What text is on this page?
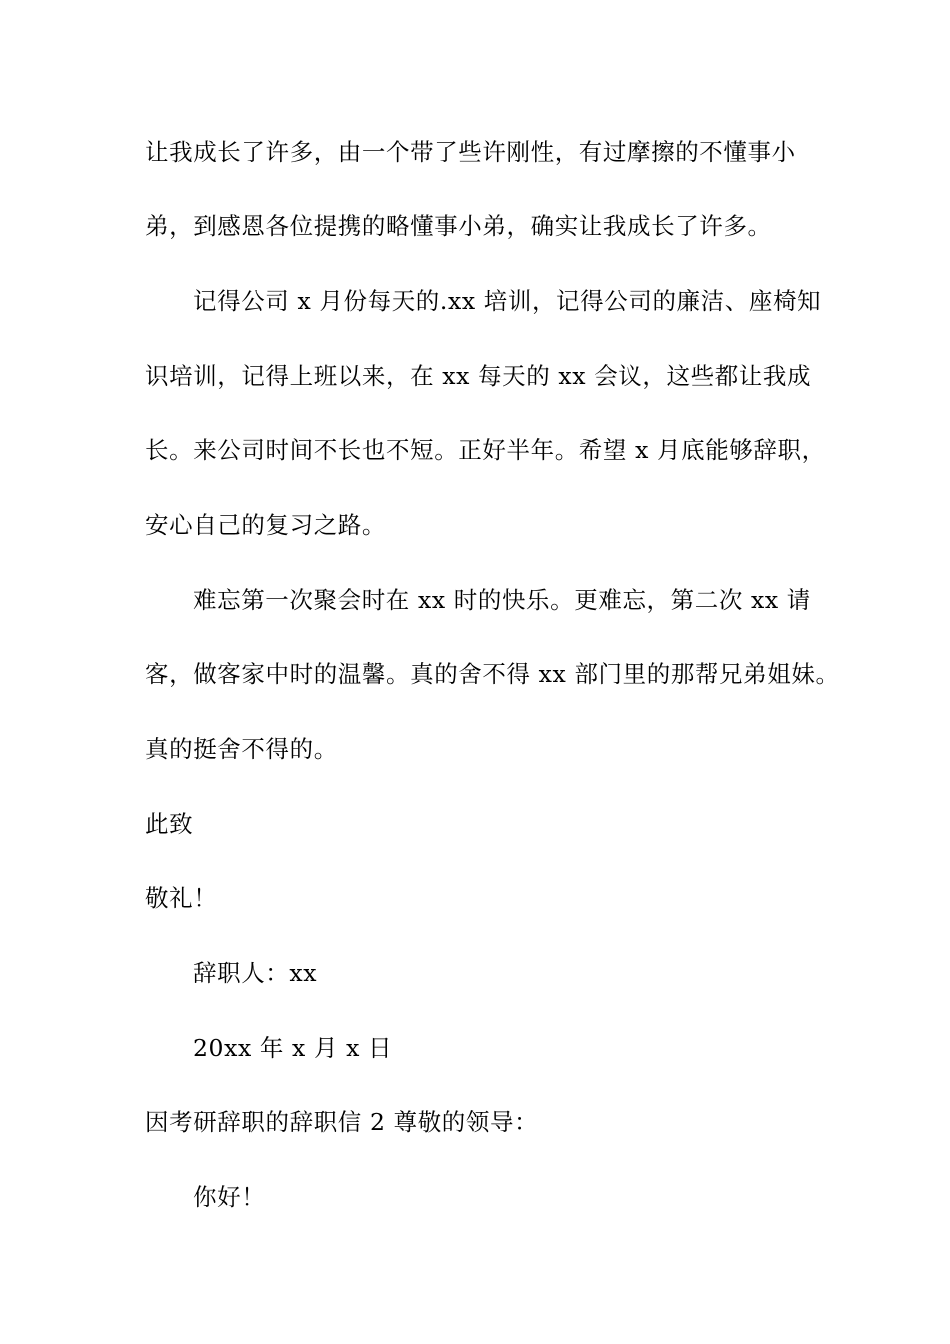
让我成长了许多，由一个带了些许刚性，有过摩擦的不懂事小
弟，到感恩各位提携的略懂事小弟，确实让我成长了许多。
记得公司 x 月份每天的.xx 培训，记得公司的廉洁、座椅知
识培训，记得上班以来，在 xx 每天的 xx 会议，这些都让我成
长。来公司时间不长也不短。正好半年。希望 x 月底能够辞职，
安心自己的复习之路。
难忘第一次聚会时在 xx 时的快乐。更难忘，第二次 xx 请
客，做客家中时的温馨。真的舍不得 xx 部门里的那帮兄弟姐妹。
真的挺舍不得的。
此致
敬礼！
辞职人：xx
20xx 年 x 月 x 日
因考研辞职的辞职信 2 尊敬的领导：
你好！
